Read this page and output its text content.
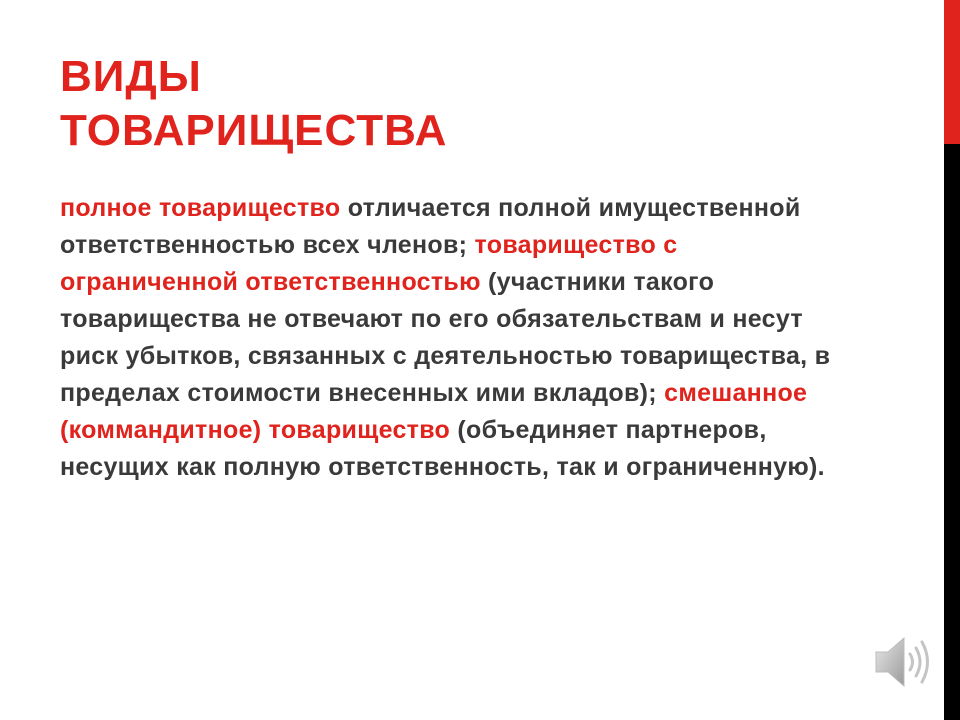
ВИДЫ
ТОВАРИЩЕСТВА
полное товарищество отличается полной имущественной ответственностью всех членов; товарищество с ограниченной ответственностью (участники такого товарищества не отвечают по его обязательствам и несут риск убытков, связанных с деятельностью товарищества, в пределах стоимости внесенных ими вкладов); смешанное (коммандитное) товарищество (объединяет партнеров, несущих как полную ответственность, так и ограниченную).
